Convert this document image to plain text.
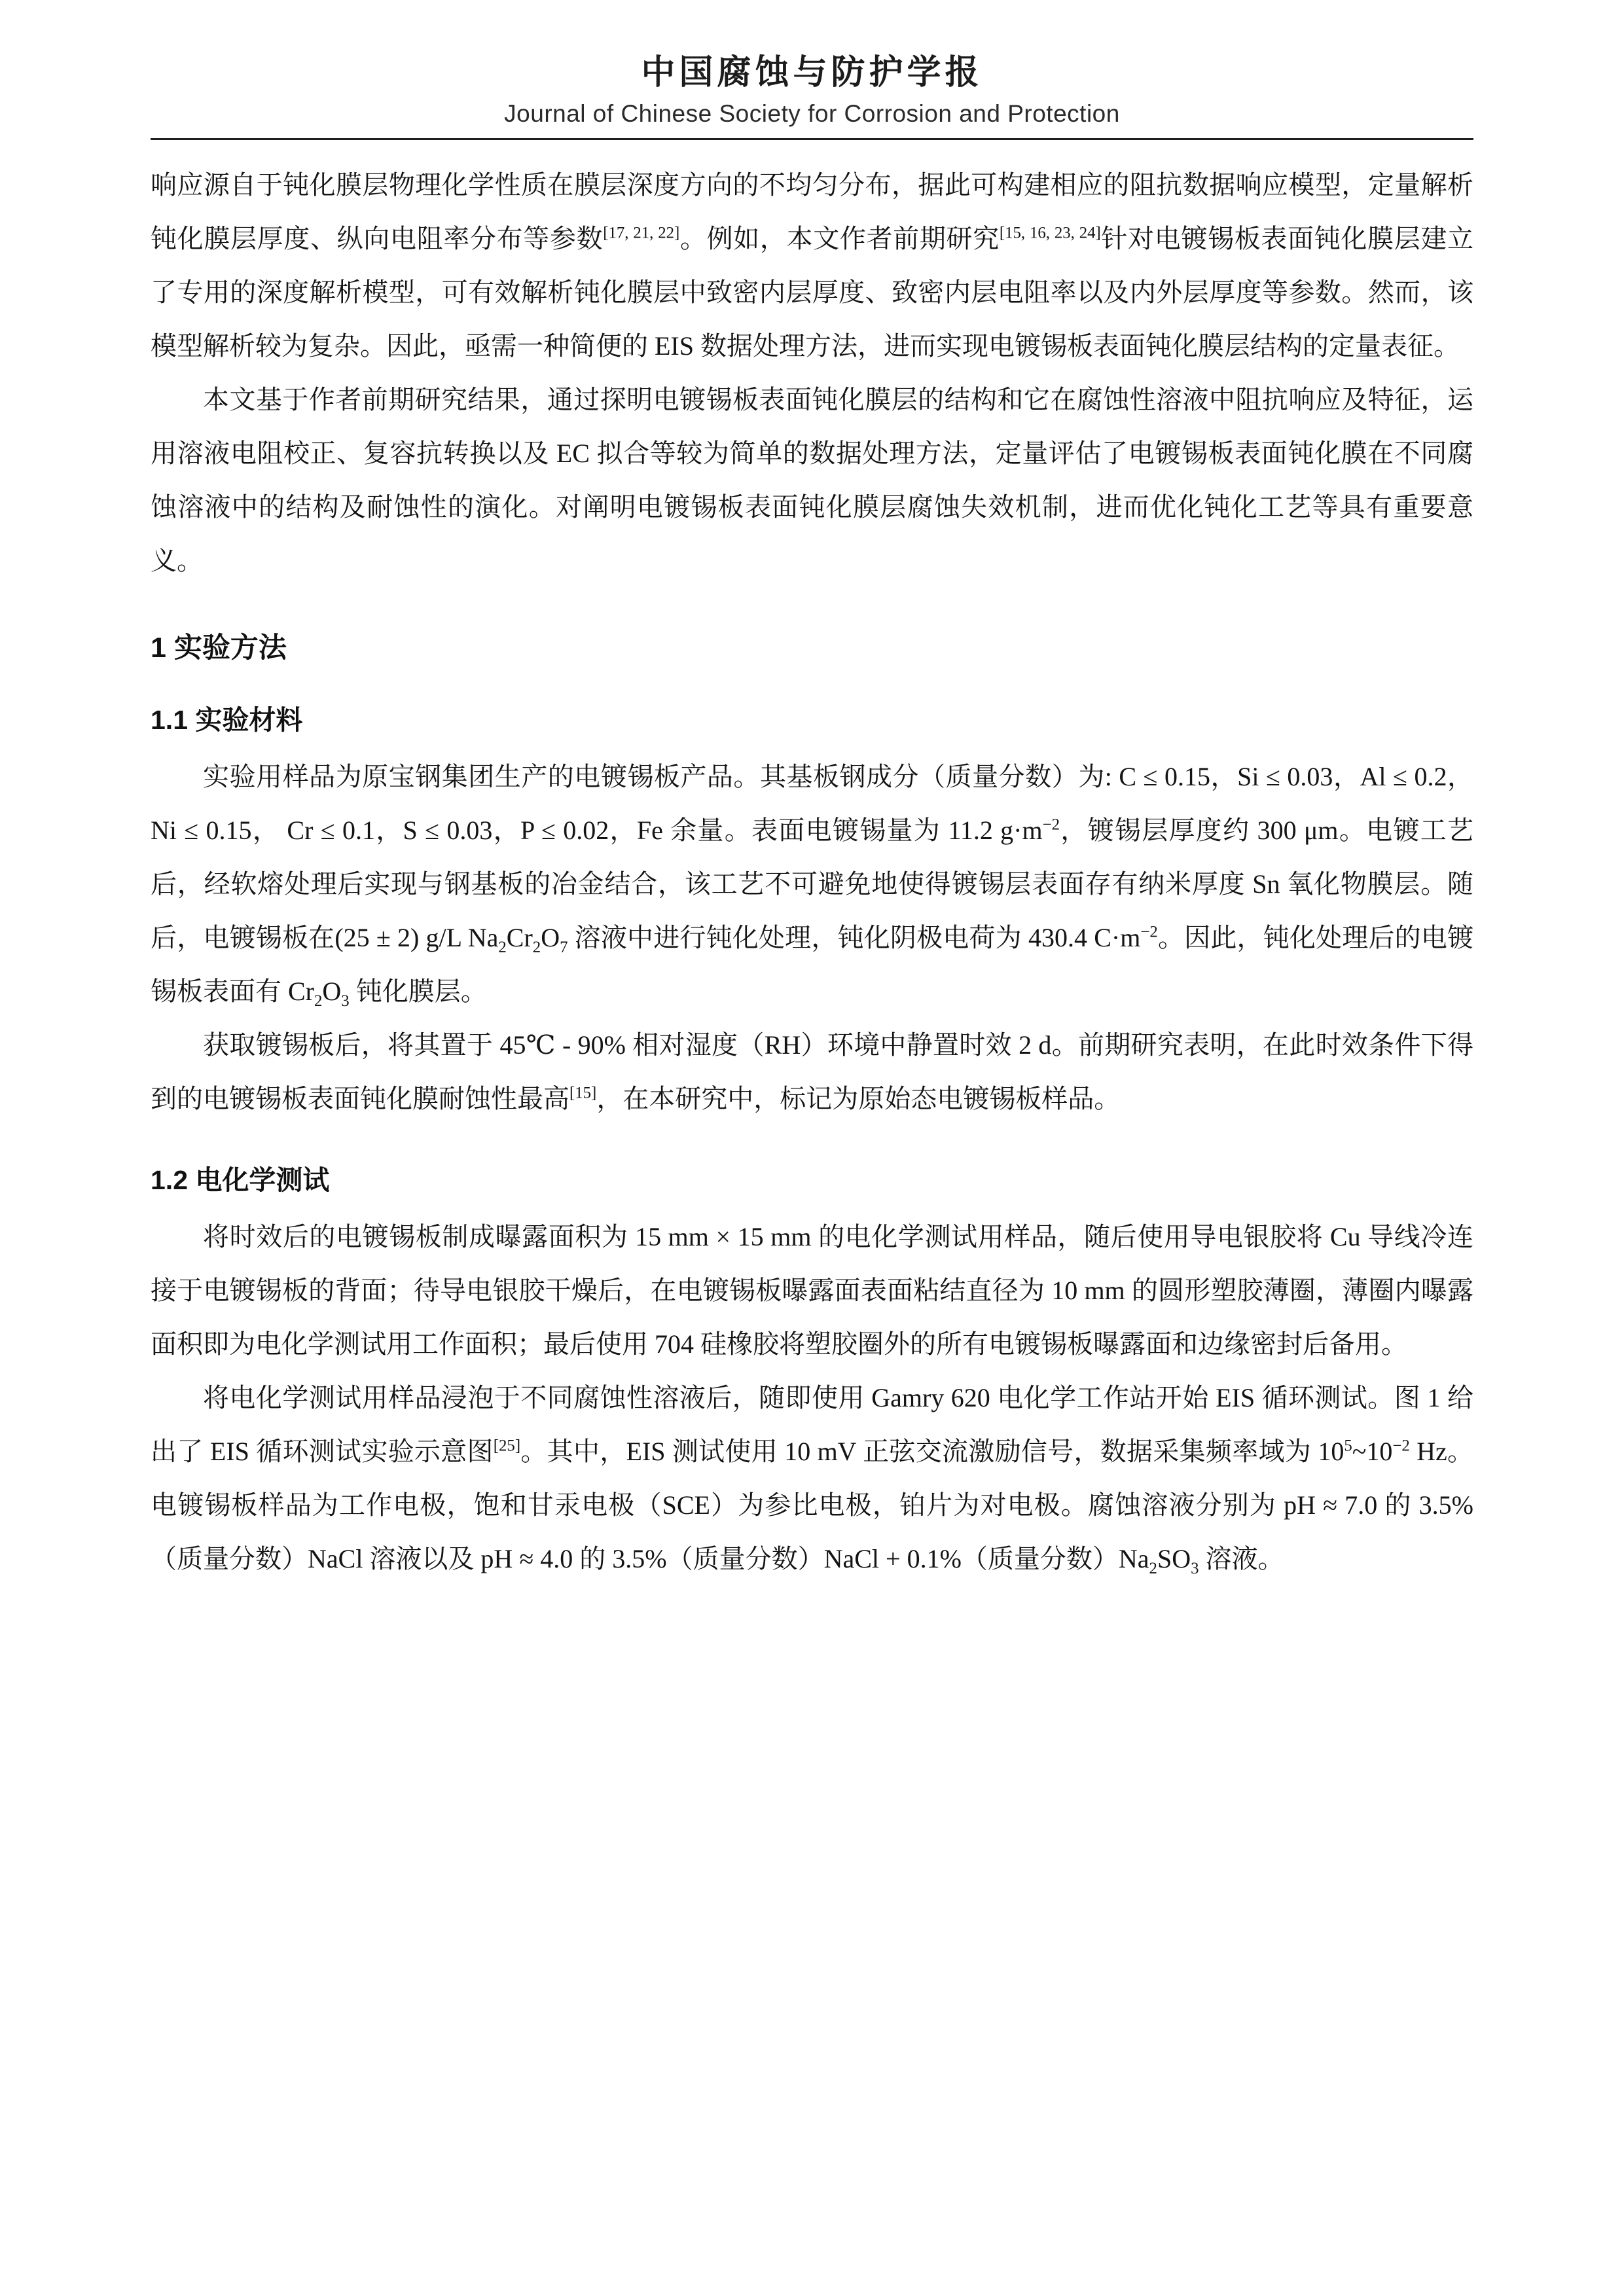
中国腐蚀与防护学报
Journal of Chinese Society for Corrosion and Protection

响应源自于钝化膜层物理化学性质在膜层深度方向的不均匀分布，据此可构建相应的阻抗数据响应模型，定量解析钝化膜层厚度、纵向电阻率分布等参数[17, 21, 22]。例如，本文作者前期研究[15, 16, 23, 24]针对电镀锡板表面钝化膜层建立了专用的深度解析模型，可有效解析钝化膜层中致密内层厚度、致密内层电阻率以及内外层厚度等参数。然而，该模型解析较为复杂。因此，亟需一种简便的 EIS 数据处理方法，进而实现电镀锡板表面钝化膜层结构的定量表征。

本文基于作者前期研究结果，通过探明电镀锡板表面钝化膜层的结构和它在腐蚀性溶液中阻抗响应及特征，运用溶液电阻校正、复容抗转换以及 EC 拟合等较为简单的数据处理方法，定量评估了电镀锡板表面钝化膜在不同腐蚀溶液中的结构及耐蚀性的演化。对阐明电镀锡板表面钝化膜层腐蚀失效机制，进而优化钝化工艺等具有重要意义。

1 实验方法
1.1 实验材料

实验用样品为原宝钢集团生产的电镀锡板产品。其基板钢成分（质量分数）为: C ≤ 0.15，Si ≤ 0.03，Al ≤ 0.2，Ni ≤ 0.15， Cr ≤ 0.1，S ≤ 0.03，P ≤ 0.02，Fe 余量。表面电镀锡量为 11.2 $g\cdot m^{-2}$，镀锡层厚度约 300 μm。电镀工艺后，经软熔处理后实现与钢基板的冶金结合，该工艺不可避免地使得镀锡层表面存有纳米厚度 Sn 氧化物膜层。随后，电镀锡板在(25 ± 2) g/L $Na_2Cr_2O_7$ 溶液中进行钝化处理，钝化阴极电荷为 430.4 $C\cdot m^{-2}$。因此，钝化处理后的电镀锡板表面有 $Cr_2O_3$ 钝化膜层。

获取镀锡板后，将其置于 45℃ - 90% 相对湿度（RH）环境中静置时效 2 d。前期研究表明，在此时效条件下得到的电镀锡板表面钝化膜耐蚀性最高[15]，在本研究中，标记为原始态电镀锡板样品。

1.2 电化学测试

将时效后的电镀锡板制成曝露面积为 15 mm × 15 mm 的电化学测试用样品，随后使用导电银胶将 Cu 导线冷连接于电镀锡板的背面；待导电银胶干燥后，在电镀锡板曝露面表面粘结直径为 10 mm 的圆形塑胶薄圈，薄圈内曝露面积即为电化学测试用工作面积；最后使用 704 硅橡胶将塑胶圈外的所有电镀锡板曝露面和边缘密封后备用。

将电化学测试用样品浸泡于不同腐蚀性溶液后，随即使用 Gamry 620 电化学工作站开始 EIS 循环测试。图 1 给出了 EIS 循环测试实验示意图[25]。其中，EIS 测试使用 10 mV 正弦交流激励信号，数据采集频率域为 $10^5\sim 10^{-2}$ Hz。电镀锡板样品为工作电极，饱和甘汞电极（SCE）为参比电极，铂片为对电极。腐蚀溶液分别为 pH ≈ 7.0 的 3.5%（质量分数）NaCl 溶液以及 pH ≈ 4.0 的 3.5%（质量分数）NaCl + 0.1%（质量分数）$Na_2SO_3$ 溶液。
